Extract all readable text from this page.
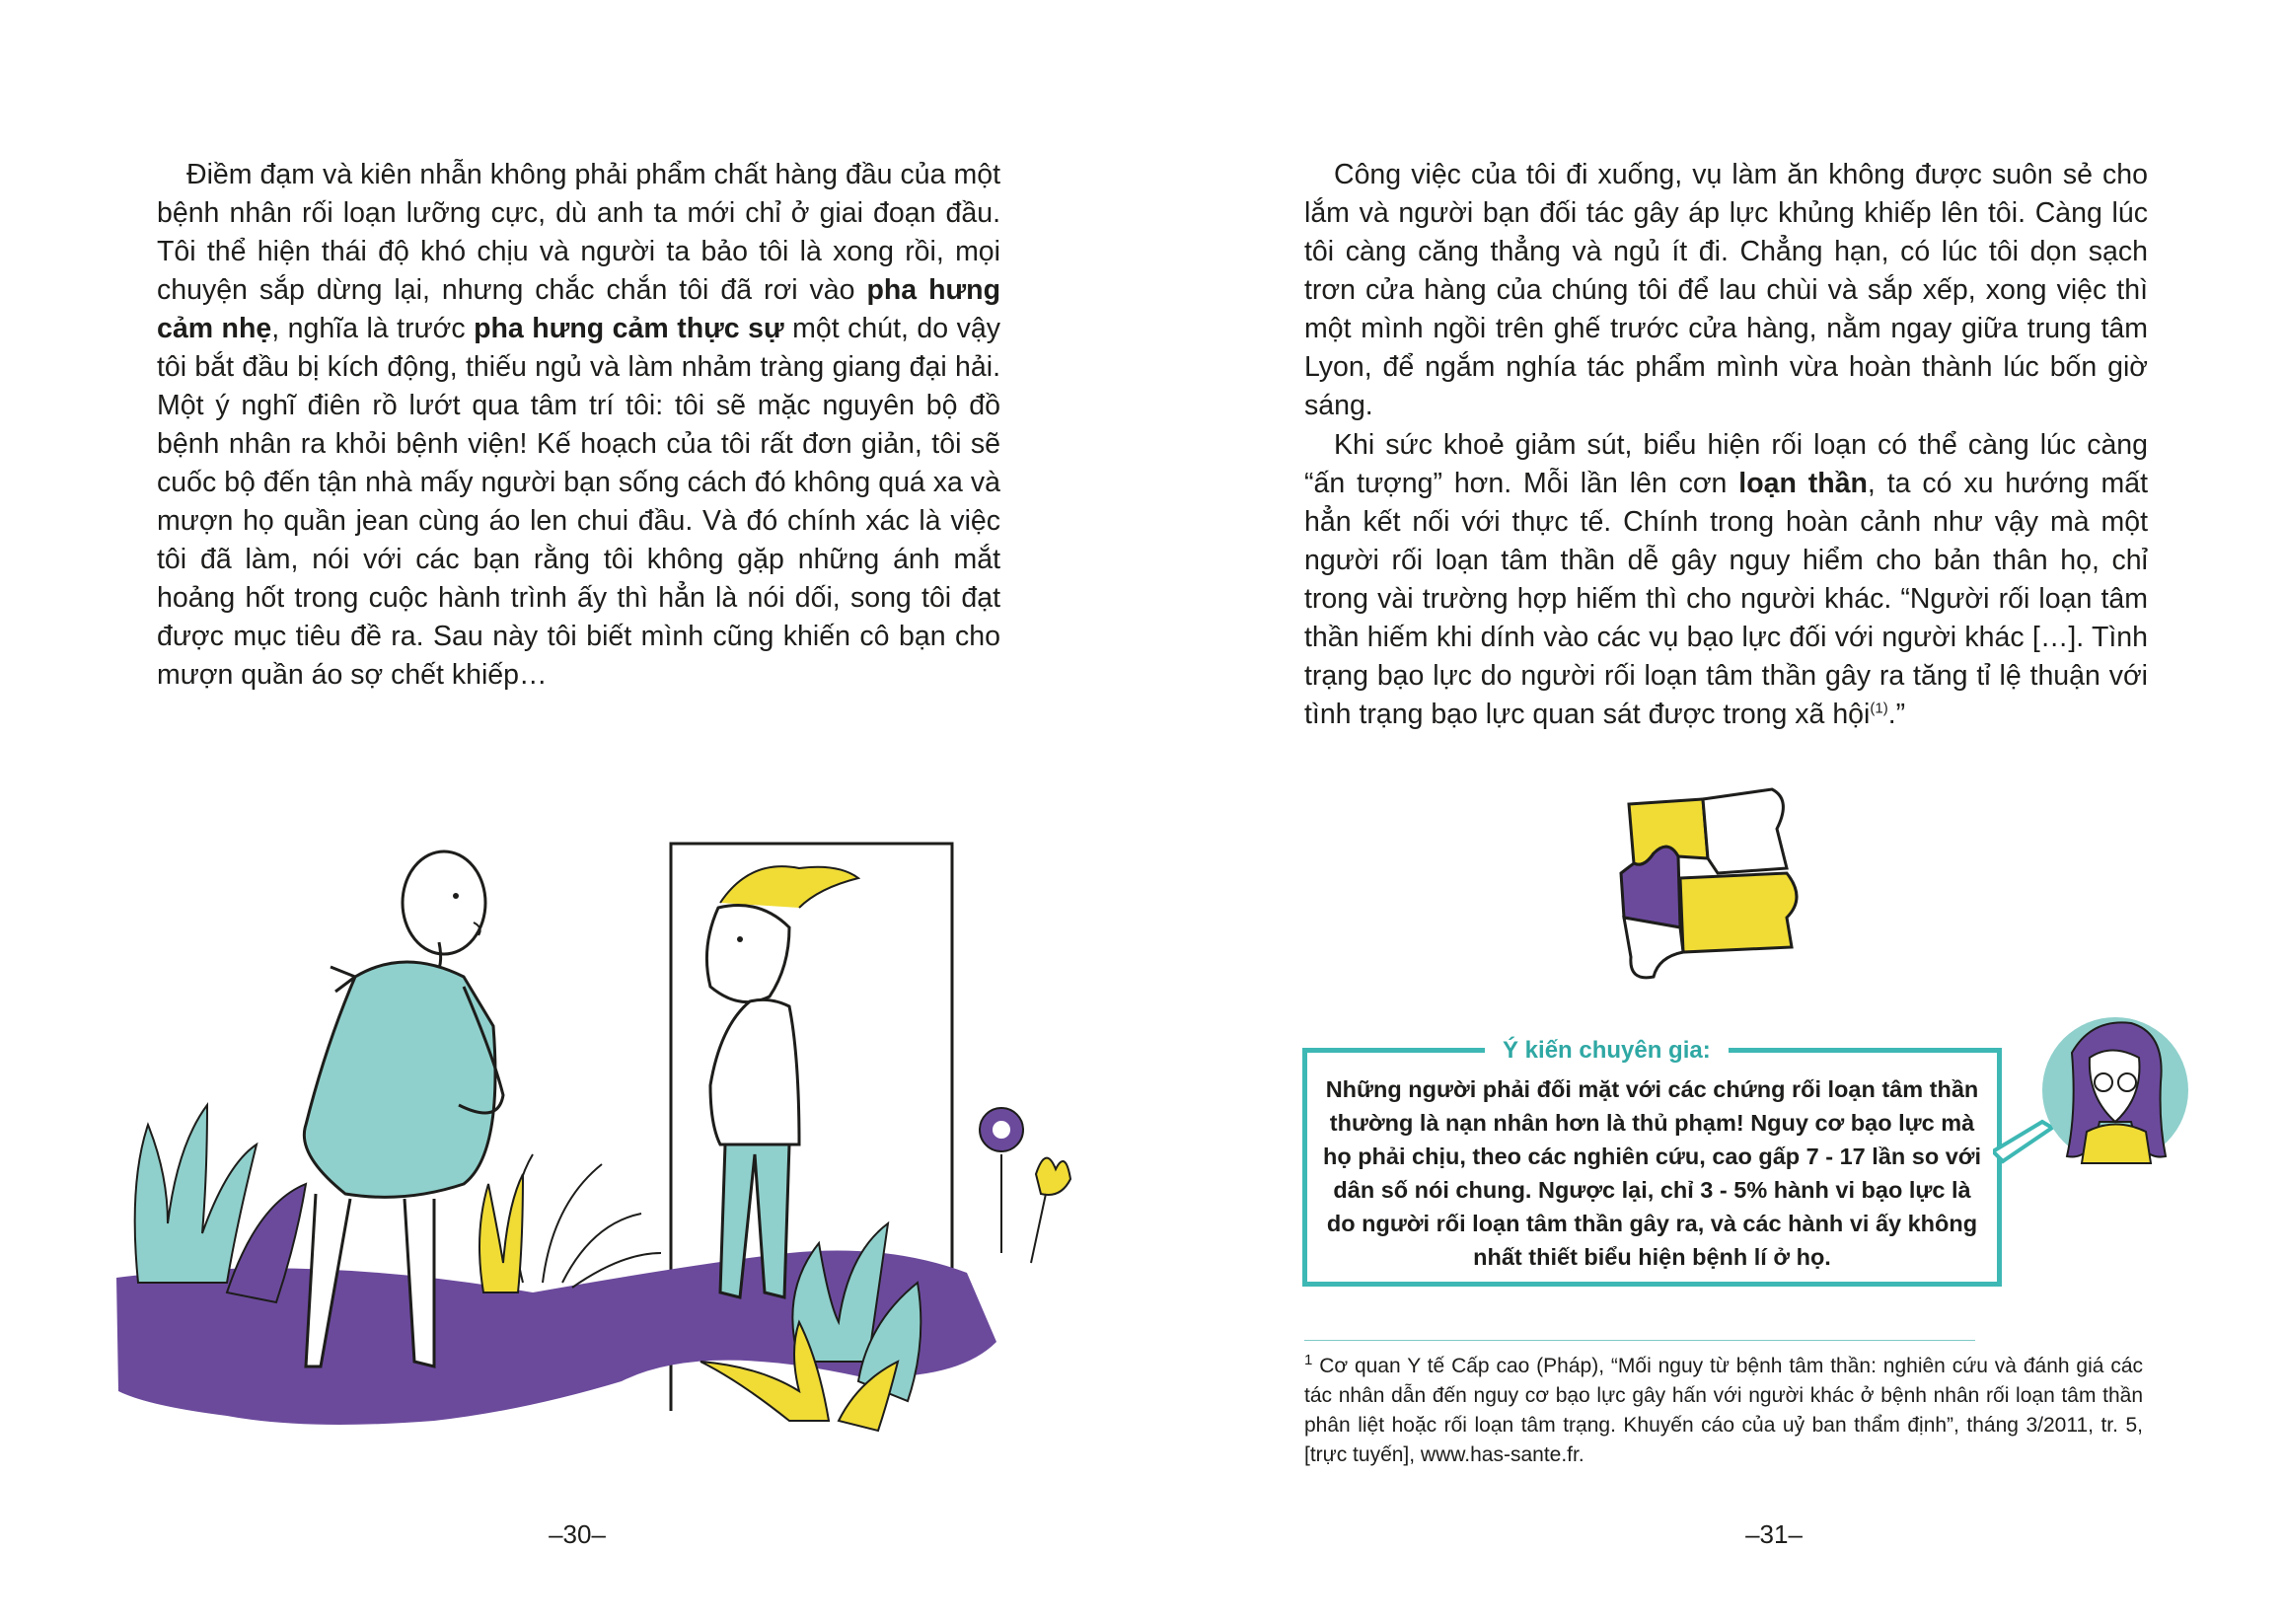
Điềm đạm và kiên nhẫn không phải phẩm chất hàng đầu của một bệnh nhân rối loạn lưỡng cực, dù anh ta mới chỉ ở giai đoạn đầu. Tôi thể hiện thái độ khó chịu và người ta bảo tôi là xong rồi, mọi chuyện sắp dừng lại, nhưng chắc chắn tôi đã rơi vào pha hưng cảm nhẹ, nghĩa là trước pha hưng cảm thực sự một chút, do vậy tôi bắt đầu bị kích động, thiếu ngủ và làm nhảm tràng giang đại hải. Một ý nghĩ điên rồ lướt qua tâm trí tôi: tôi sẽ mặc nguyên bộ đồ bệnh nhân ra khỏi bệnh viện! Kế hoạch của tôi rất đơn giản, tôi sẽ cuốc bộ đến tận nhà mấy người bạn sống cách đó không quá xa và mượn họ quần jean cùng áo len chui đầu. Và đó chính xác là việc tôi đã làm, nói với các bạn rằng tôi không gặp những ánh mắt hoảng hốt trong cuộc hành trình ấy thì hẳn là nói dối, song tôi đạt được mục tiêu đề ra. Sau này tôi biết mình cũng khiến cô bạn cho mượn quần áo sợ chết khiếp…

–30–

Công việc của tôi đi xuống, vụ làm ăn không được suôn sẻ cho lắm và người bạn đối tác gây áp lực khủng khiếp lên tôi. Càng lúc tôi càng căng thẳng và ngủ ít đi. Chẳng hạn, có lúc tôi dọn sạch trơn cửa hàng của chúng tôi để lau chùi và sắp xếp, xong việc thì một mình ngồi trên ghế trước cửa hàng, nằm ngay giữa trung tâm Lyon, để ngắm nghía tác phẩm mình vừa hoàn thành lúc bốn giờ sáng.

Khi sức khoẻ giảm sút, biểu hiện rối loạn có thể càng lúc càng “ấn tượng” hơn. Mỗi lần lên cơn loạn thần, ta có xu hướng mất hẳn kết nối với thực tế. Chính trong hoàn cảnh như vậy mà một người rối loạn tâm thần dễ gây nguy hiểm cho bản thân họ, chỉ trong vài trường hợp hiếm thì cho người khác. “Người rối loạn tâm thần hiếm khi dính vào các vụ bạo lực đối với người khác […]. Tình trạng bạo lực do người rối loạn tâm thần gây ra tăng tỉ lệ thuận với tình trạng bạo lực quan sát được trong xã hội$^{(1)}$.”

Ý kiến chuyên gia:

Những người phải đối mặt với các chứng rối loạn tâm thần thường là nạn nhân hơn là thủ phạm! Nguy cơ bạo lực mà họ phải chịu, theo các nghiên cứu, cao gấp 7 - 17 lần so với dân số nói chung. Ngược lại, chỉ 3 - 5% hành vi bạo lực là do người rối loạn tâm thần gây ra, và các hành vi ấy không nhất thiết biểu hiện bệnh lí ở họ.

$^1$ Cơ quan Y tế Cấp cao (Pháp), “Mối nguy từ bệnh tâm thần: nghiên cứu và đánh giá các tác nhân dẫn đến nguy cơ bạo lực gây hấn với người khác ở bệnh nhân rối loạn tâm thần phân liệt hoặc rối loạn tâm trạng. Khuyến cáo của uỷ ban thẩm định”, tháng 3/2011, tr. 5, [trực tuyến], www.has-sante.fr.

–31–
